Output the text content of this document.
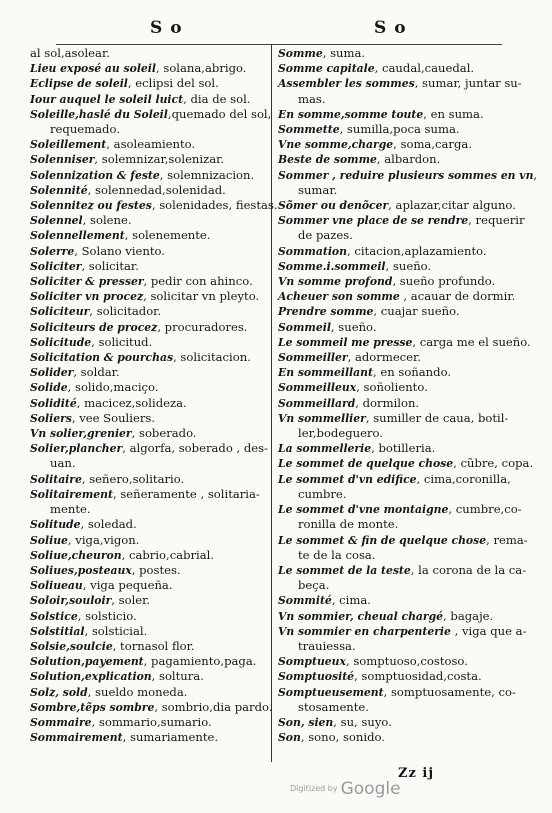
S o	S o
al sol,asolear.
Lieu exposé au soleil, solana,abrigo.
Eclipse de soleil, eclipsi del sol.
Iour auquel le soleil luict, dia de sol.
Soleille,haslé du Soleil,quemado del sol,
requemado.
Soleillement, asoleamiento.
Solenniser, solemnizar,solenizar.
Solennization & feste, solemnizacion.
Solennité, solennedad,solenidad.
Solennitez ou festes, solenidades, fiestas.
Solennel, solene.
Solennellement, solenemente.
Solerre, Solano viento.
Soliciter, solicitar.
Soliciter & presser, pedir con ahinco.
Soliciter vn procez, solicitar vn pleyto.
Soliciteur, solicitador.
Soliciteurs de procez, procuradores.
Solicitude, solicitud.
Solicitation & pourchas, solicitacion.
Solider, soldar.
Solide, solido,maciço.
Solidité, macicez,solideza.
Soliers, vee Souliers.
Vn solier,grenier, soberado.
Solier,plancher, algorfa, soberado , des-
uan.
Solitaire, señero,solitario.
Solitairement, señeramente , solitaria-
mente.
Solitude, soledad.
Soliue, viga,vigon.
Soliue,cheuron, cabrio,cabrial.
Soliues,posteaux, postes.
Soliueau, viga pequeña.
Soloir,souloir, soler.
Solstice, solsticio.
Solstitial, solsticial.
Solsie,soulcie, tornasol flor.
Solution,payement, pagamiento,paga.
Solution,explication, soltura.
Solz, sold, sueldo moneda.
Sombre,tẽps sombre, sombrio,dia pardo.
Sommaire, sommario,sumario.
Sommairement, sumariamente.
Somme, suma.
Somme capitale, caudal,cauedal.
Assembler les sommes, sumar, juntar su-
mas.
En somme,somme toute, en suma.
Sommette, sumilla,poca suma.
Vne somme,charge, soma,carga.
Beste de somme, albardon.
Sommer , reduire plusieurs sommes en vn,
sumar.
Sõmer ou denõcer, aplazar,citar alguno.
Sommer vne place de se rendre, requerir
de pazes.
Sommation, citacion,aplazamiento.
Somme.i.sommeil, sueño.
Vn somme profond, sueño profundo.
Acheuer son somme , acauar de dormir.
Prendre somme, cuajar sueño.
Sommeil, sueño.
Le sommeil me presse, carga me el sueño.
Sommeiller, adormecer.
En sommeillant, en soñando.
Sommeilleux, soñoliento.
Sommeillard, dormilon.
Vn sommellier, sumiller de caua, botil-
ler,bodeguero.
La sommellerie, botilleria.
Le sommet de quelque chose, cũbre, copa.
Le sommet d'vn edifice, cima,coronilla,
cumbre.
Le sommet d'vne montaigne, cumbre,co-
ronilla de monte.
Le sommet & fin de quelque chose, rema-
te de la cosa.
Le sommet de la teste, la corona de la ca-
beça.
Sommité, cima.
Vn sommier, cheual chargé, bagaje.
Vn sommier en charpenterie , viga que a-
trauiessa.
Somptueux, somptuoso,costoso.
Somptuosité, somptuosidad,costa.
Somptueusement, somptuosamente, co-
stosamente.
Son, sien, su, suyo.
Son, sono, sonido.
Zz ij
Digitized by Google
